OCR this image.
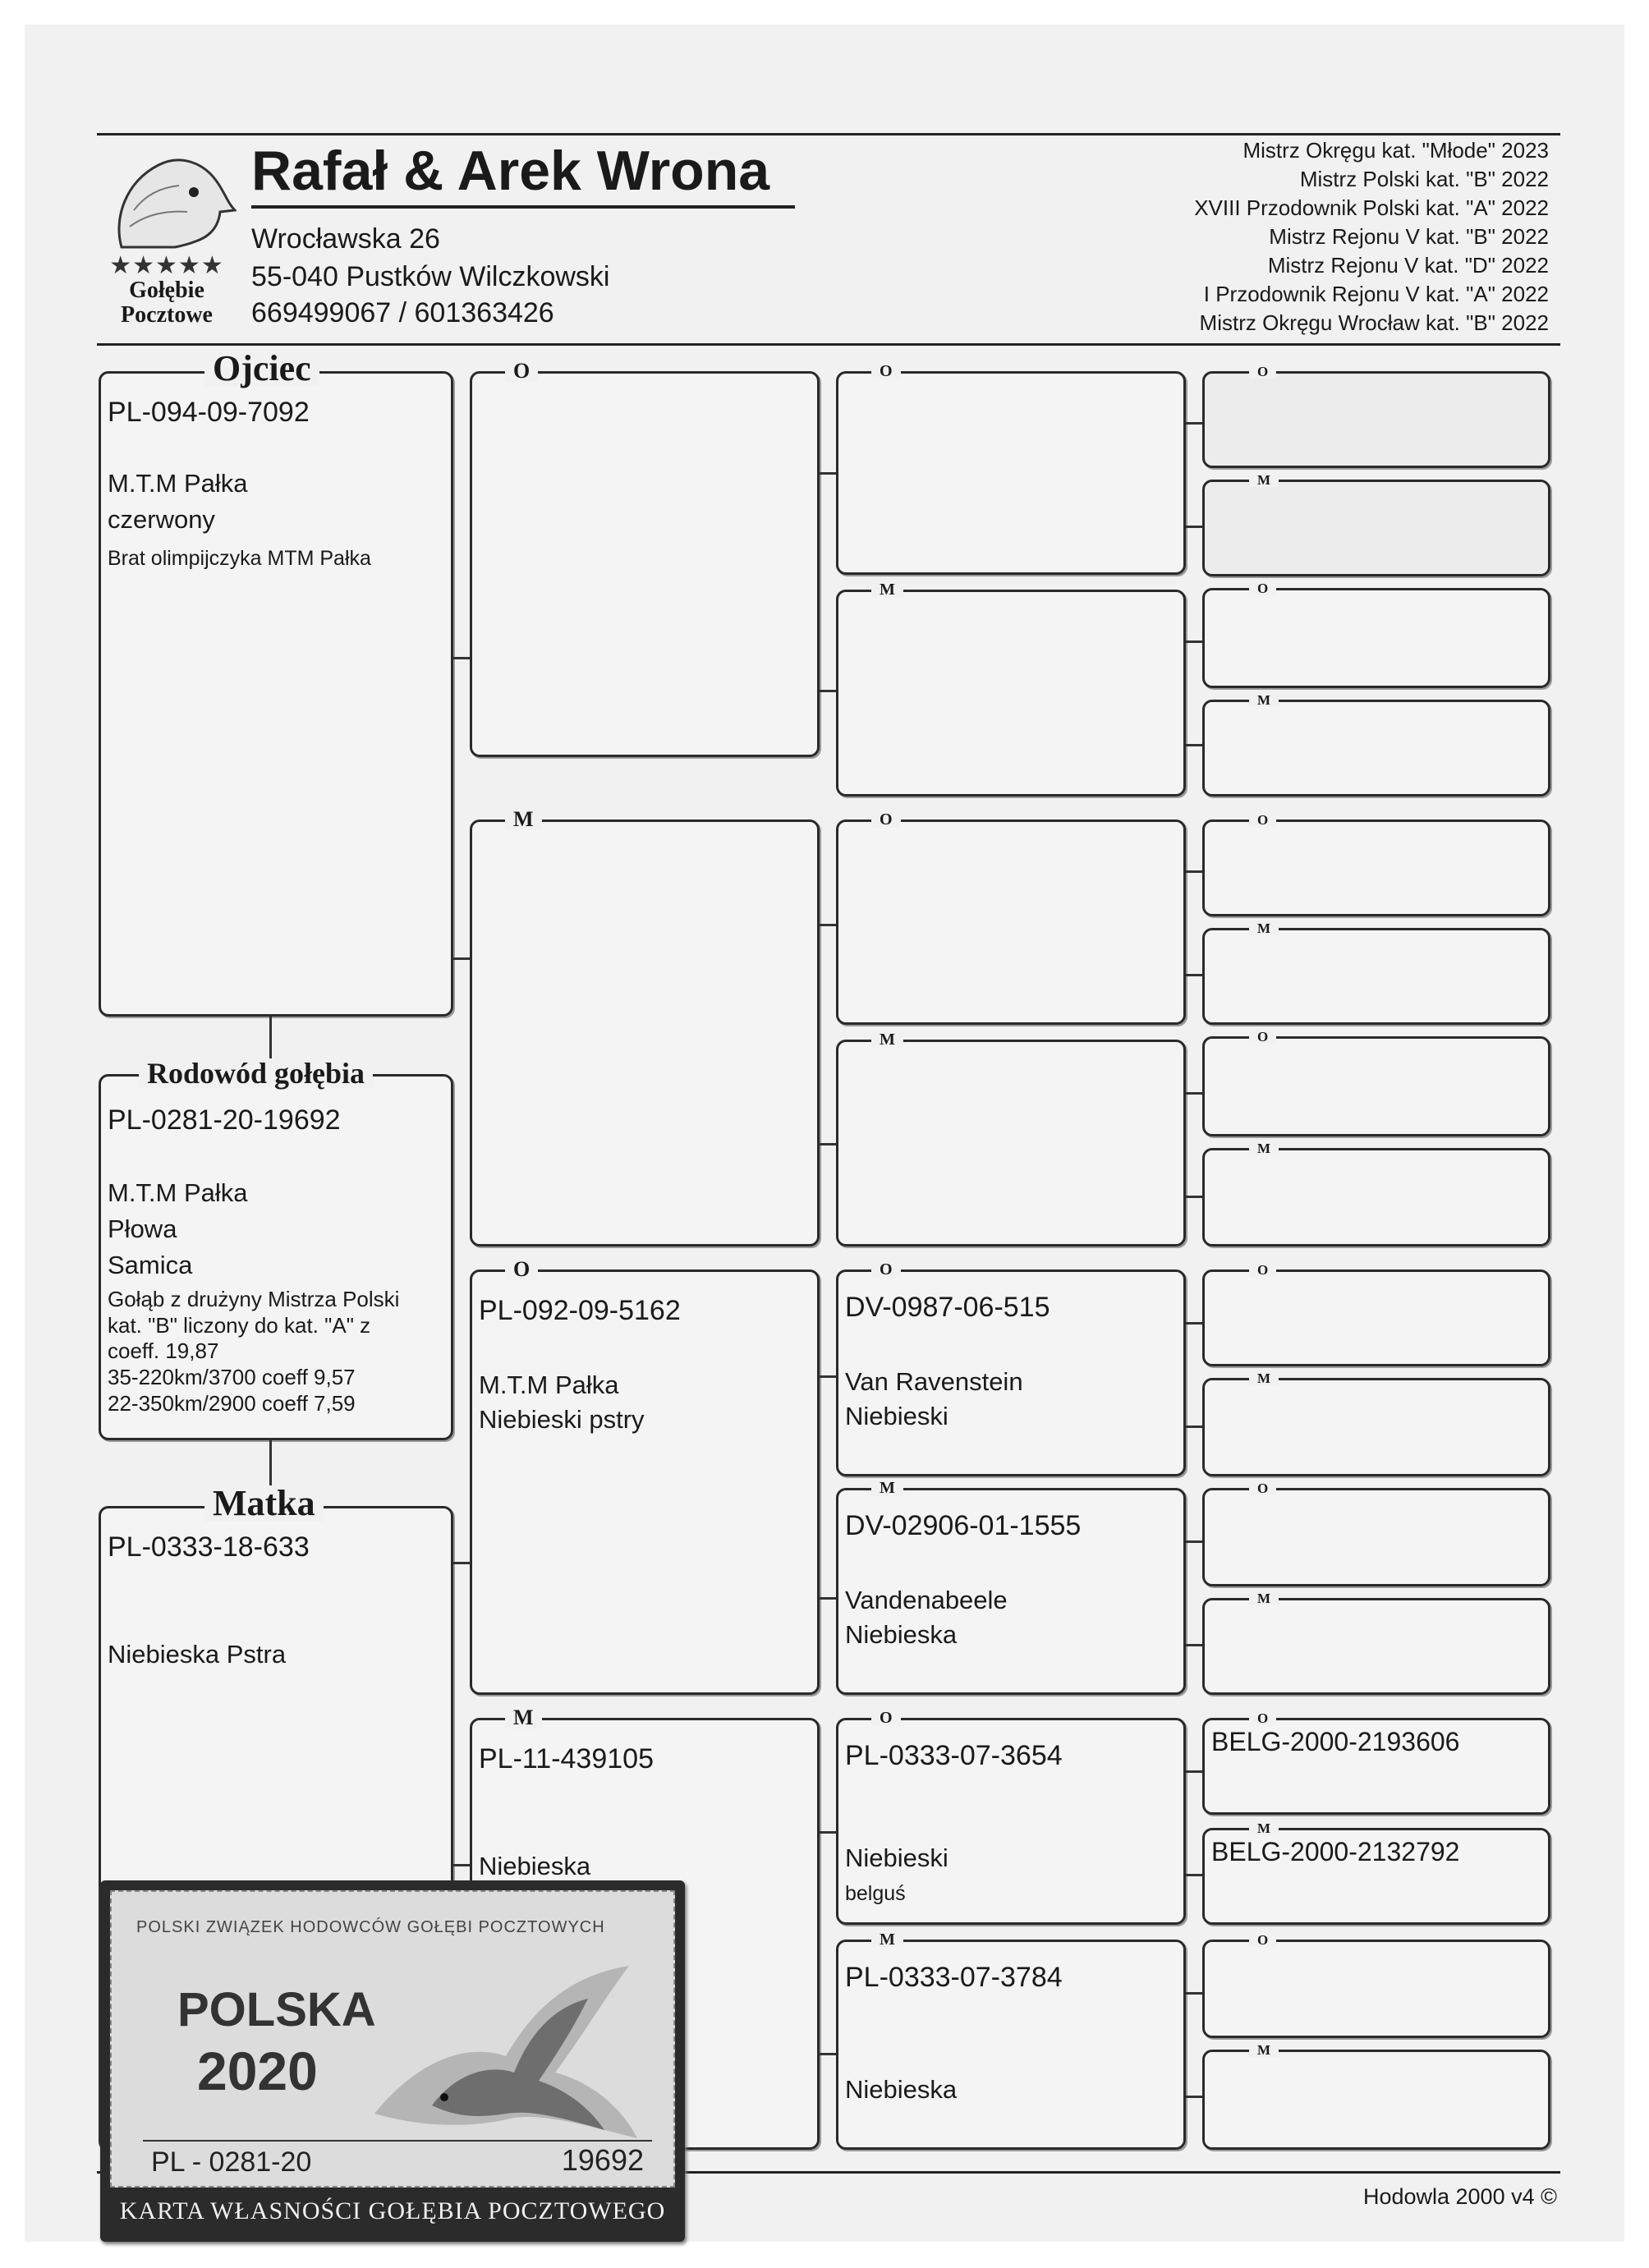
★★★★★
Gołębie
Pocztowe
Rafał & Arek Wrona
Wrocławska 26
55-040 Pustków Wilczkowski
669499067 / 601363426
Mistrz Okręgu kat. "Młode" 2023
Mistrz Polski kat. "B" 2022
XVIII Przodownik Polski kat. "A" 2022
Mistrz Rejonu V kat. "B" 2022
Mistrz Rejonu V kat. "D" 2022
I Przodownik Rejonu V kat. "A" 2022
Mistrz Okręgu Wrocław kat. "B" 2022
Ojciec
PL-094-09-7092
M.T.M Pałka
czerwony
Brat olimpijczyka MTM Pałka
Rodowód gołębia
PL-0281-20-19692
M.T.M Pałka
Płowa
Samica
Gołąb z drużyny Mistrza Polski
kat. "B" liczony do kat. "A" z
coeff. 19,87
35-220km/3700 coeff 9,57
22-350km/2900 coeff 7,59
Matka
PL-0333-18-633
Niebieska Pstra
O
M
O
PL-092-09-5162
M.T.M Pałka
Niebieski pstry
M
PL-11-439105
Niebieska
O
M
O
M
O
DV-0987-06-515
Van Ravenstein
Niebieski
M
DV-02906-01-1555
Vandenabeele
Niebieska
O
PL-0333-07-3654
Niebieski
belguś
M
PL-0333-07-3784
Niebieska
O
M
O
M
O
M
O
M
O
M
O
M
O
BELG-2000-2193606
M
BELG-2000-2132792
O
M
Hodowla 2000 v4 ©
POLSKI ZWIĄZEK HODOWCÓW GOŁĘBI POCZTOWYCH
POLSKA
2020
PL - 0281-20	19692
KARTA WŁASNOŚCI GOŁĘBIA POCZTOWEGO
